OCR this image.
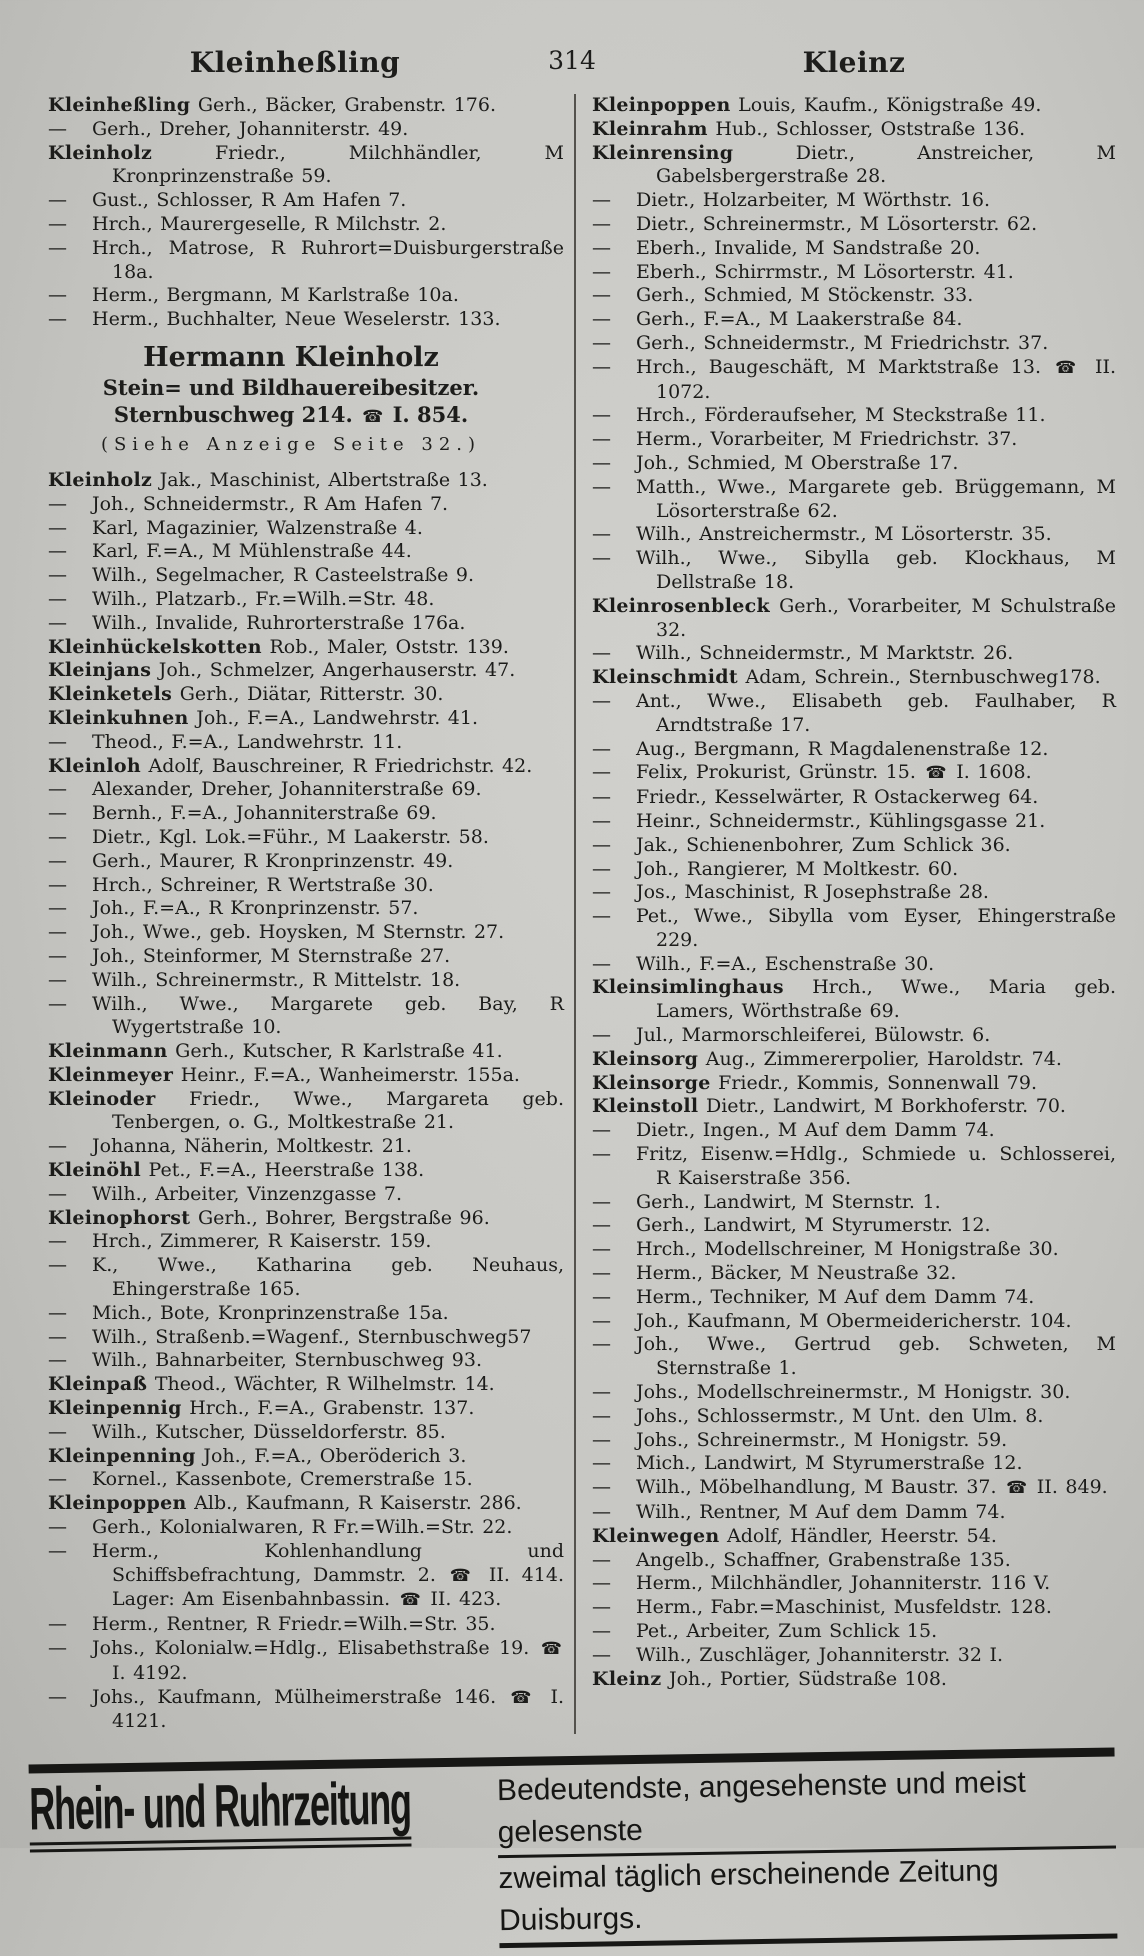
Kleinheßling	314	Kleinz

Kleinheßling Gerh., Bäcker, Grabenstr. 176.

— Gerh., Dreher, Johanniterstr. 49.

Kleinholz	Friedr., Milchhändler, M Kronprinzenstraße 59.

— Gust., Schlosser, R Am Hafen 7.

— Hrch., Maurergeselle, R Milchstr. 2.

— Hrch., Matrose, R Ruhrort=Duisburgerstraße 18a.

— Herm., Bergmann, M Karlstraße 10a.

— Herm., Buchhalter, Neue Weselerstr. 133.

Hermann Kleinholz
Stein= und Bildhauereibesitzer.
Sternbuschweg 214. ☎ I. 854.
(Siehe Anzeige Seite 32.)

Kleinholz Jak., Maschinist, Albertstraße 13.

— Joh., Schneidermstr., R Am Hafen 7.

— Karl, Magazinier, Walzenstraße 4.

— Karl, F.=A., M Mühlenstraße 44.

— Wilh., Segelmacher, R Casteelstraße 9.

— Wilh., Platzarb., Fr.=Wilh.=Str. 48.

— Wilh., Invalide, Ruhrorterstraße 176a.

Kleinhückelskotten Rob., Maler, Oststr. 139.

Kleinjans Joh., Schmelzer, Angerhauserstr. 47.

Kleinketels Gerh., Diätar, Ritterstr. 30.

Kleinkuhnen Joh., F.=A., Landwehrstr. 41.

— Theod., F.=A., Landwehrstr. 11.

Kleinloh Adolf, Bauschreiner, R Friedrichstr. 42.

— Alexander, Dreher, Johanniterstraße 69.

— Bernh., F.=A., Johanniterstraße 69.

— Dietr., Kgl. Lok.=Führ., M Laakerstr. 58.

— Gerh., Maurer, R Kronprinzenstr. 49.

— Hrch., Schreiner, R Wertstraße 30.

— Joh., F.=A., R Kronprinzenstr. 57.

— Joh., Wwe., geb. Hoysken, M Sternstr. 27.

— Joh., Steinformer, M Sternstraße 27.

— Wilh., Schreinermstr., R Mittelstr. 18.

— Wilh., Wwe., Margarete geb. Bay, R Wygertstraße 10.

Kleinmann Gerh., Kutscher, R Karlstraße 41.

Kleinmeyer Heinr., F.=A., Wanheimerstr. 155a.

Kleinoder Friedr., Wwe., Margareta geb. Tenbergen, o. G., Moltkestraße 21.

— Johanna, Näherin, Moltkestr. 21.

Kleinöhl Pet., F.=A., Heerstraße 138.

— Wilh., Arbeiter, Vinzenzgasse 7.

Kleinophorst Gerh., Bohrer, Bergstraße 96.

— Hrch., Zimmerer, R Kaiserstr. 159.

— K., Wwe., Katharina geb. Neuhaus, Ehingerstraße 165.

— Mich., Bote, Kronprinzenstraße 15a.

— Wilh., Straßenb.=Wagenf., Sternbuschweg57

— Wilh., Bahnarbeiter, Sternbuschweg 93.

Kleinpaß Theod., Wächter, R Wilhelmstr. 14.

Kleinpennig Hrch., F.=A., Grabenstr. 137.

— Wilh., Kutscher, Düsseldorferstr. 85.

Kleinpenning Joh., F.=A., Oberöderich 3.

— Kornel., Kassenbote, Cremerstraße 15.

Kleinpoppen Alb., Kaufmann, R Kaiserstr. 286.

— Gerh., Kolonialwaren, R Fr.=Wilh.=Str. 22.

— Herm., Kohlenhandlung und Schiffsbefrachtung, Dammstr. 2. ☎ II. 414. Lager: Am Eisenbahnbassin. ☎ II. 423.

— Herm., Rentner, R Friedr.=Wilh.=Str. 35.

— Johs., Kolonialw.=Hdlg., Elisabethstraße 19. ☎ I. 4192.

— Johs., Kaufmann, Mülheimerstraße 146. ☎ I. 4121.

Kleinpoppen Louis, Kaufm., Königstraße 49.

Kleinrahm Hub., Schlosser, Oststraße 136.

Kleinrensing	Dietr., Anstreicher, M Gabelsbergerstraße 28.

— Dietr., Holzarbeiter, M Wörthstr. 16.

— Dietr., Schreinermstr., M Lösorterstr. 62.

— Eberh., Invalide, M Sandstraße 20.

— Eberh., Schirrmstr., M Lösorterstr. 41.

— Gerh., Schmied, M Stöckenstr. 33.

— Gerh., F.=A., M Laakerstraße 84.

— Gerh., Schneidermstr., M Friedrichstr. 37.

— Hrch., Baugeschäft, M Marktstraße 13. ☎ II. 1072.

— Hrch., Förderaufseher, M Steckstraße 11.

— Herm., Vorarbeiter, M Friedrichstr. 37.

— Joh., Schmied, M Oberstraße 17.

— Matth., Wwe., Margarete geb. Brüggemann, M Lösorterstraße 62.

— Wilh., Anstreichermstr., M Lösorterstr. 35.

— Wilh., Wwe., Sibylla geb. Klockhaus, M Dellstraße 18.

Kleinrosenbleck Gerh., Vorarbeiter, M Schulstraße 32.

— Wilh., Schneidermstr., M Marktstr. 26.

Kleinschmidt Adam, Schrein., Sternbuschweg178.

— Ant., Wwe., Elisabeth geb. Faulhaber, R Arndtstraße 17.

— Aug., Bergmann, R Magdalenenstraße 12.

— Felix, Prokurist, Grünstr. 15. ☎ I. 1608.

— Friedr., Kesselwärter, R Ostackerweg 64.

— Heinr., Schneidermstr., Kühlingsgasse 21.

— Jak., Schienenbohrer, Zum Schlick 36.

— Joh., Rangierer, M Moltkestr. 60.

— Jos., Maschinist, R Josephstraße 28.

— Pet., Wwe., Sibylla vom Eyser, Ehingerstraße 229.

— Wilh., F.=A., Eschenstraße 30.

Kleinsimlinghaus Hrch., Wwe., Maria geb. Lamers, Wörthstraße 69.

— Jul., Marmorschleiferei, Bülowstr. 6.

Kleinsorg Aug., Zimmererpolier, Haroldstr. 74.

Kleinsorge Friedr., Kommis, Sonnenwall 79.

Kleinstoll Dietr., Landwirt, M Borkhoferstr. 70.

— Dietr., Ingen., M Auf dem Damm 74.

— Fritz, Eisenw.=Hdlg., Schmiede u. Schlosserei, R Kaiserstraße 356.

— Gerh., Landwirt, M Sternstr. 1.

— Gerh., Landwirt, M Styrumerstr. 12.

— Hrch., Modellschreiner, M Honigstraße 30.

— Herm., Bäcker, M Neustraße 32.

— Herm., Techniker, M Auf dem Damm 74.

— Joh., Kaufmann, M Obermeidericherstr. 104.

— Joh., Wwe., Gertrud geb. Schweten, M Sternstraße 1.

— Johs., Modellschreinermstr., M Honigstr. 30.

— Johs., Schlossermstr., M Unt. den Ulm. 8.

— Johs., Schreinermstr., M Honigstr. 59.

— Mich., Landwirt, M Styrumerstraße 12.

— Wilh., Möbelhandlung, M Baustr. 37. ☎ II. 849.

— Wilh., Rentner, M Auf dem Damm 74.

Kleinwegen Adolf, Händler, Heerstr. 54.

— Angelb., Schaffner, Grabenstraße 135.

— Herm., Milchhändler, Johanniterstr. 116 V.

— Herm., Fabr.=Maschinist, Musfeldstr. 128.

— Pet., Arbeiter, Zum Schlick 15.

— Wilh., Zuschläger, Johanniterstr. 32 I.

Kleinz Joh., Portier, Südstraße 108.

Rhein- und Ruhrzeitung	Bedeutendste, angesehenste und meist gelesenste
zweimal täglich erscheinende Zeitung Duisburgs.
